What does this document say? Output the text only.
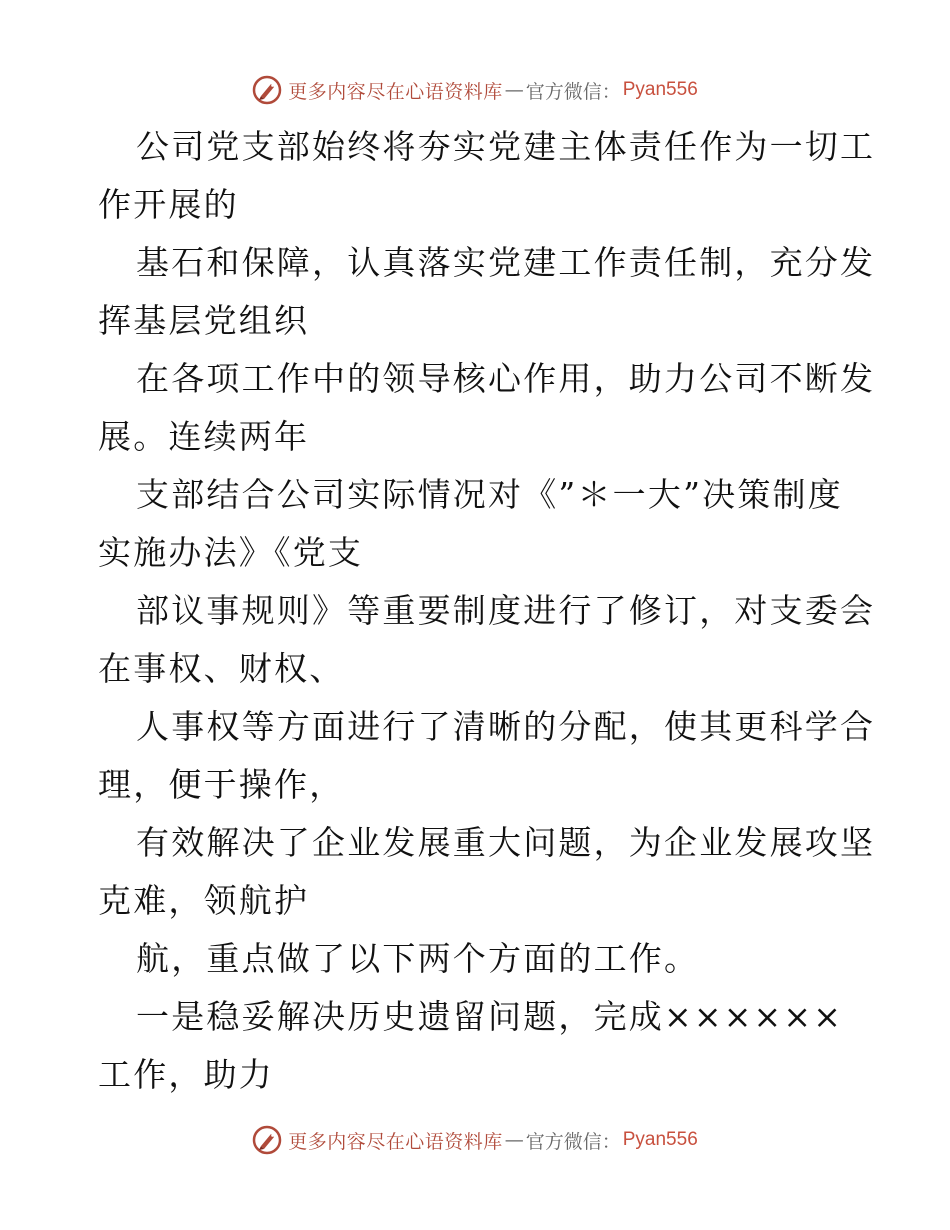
更多内容尽在心语资料库 — 官方微信： Pyan556
公司党支部始终将夯实党建主体责任作为一切工
作开展的
基石和保障，认真落实党建工作责任制，充分发
挥基层党组织
在各项工作中的领导核心作用，助力公司不断发
展。连续两年
支部结合公司实际情况对《”＊一大”决策制度
实施办法》《党支
部议事规则》等重要制度进行了修订，对支委会
在事权、财权、
人事权等方面进行了清晰的分配，使其更科学合
理，便于操作，
有效解决了企业发展重大问题，为企业发展攻坚
克难，领航护
航，重点做了以下两个方面的工作。
一是稳妥解决历史遗留问题，完成××××××
工作，助力
更多内容尽在心语资料库 — 官方微信： Pyan556
